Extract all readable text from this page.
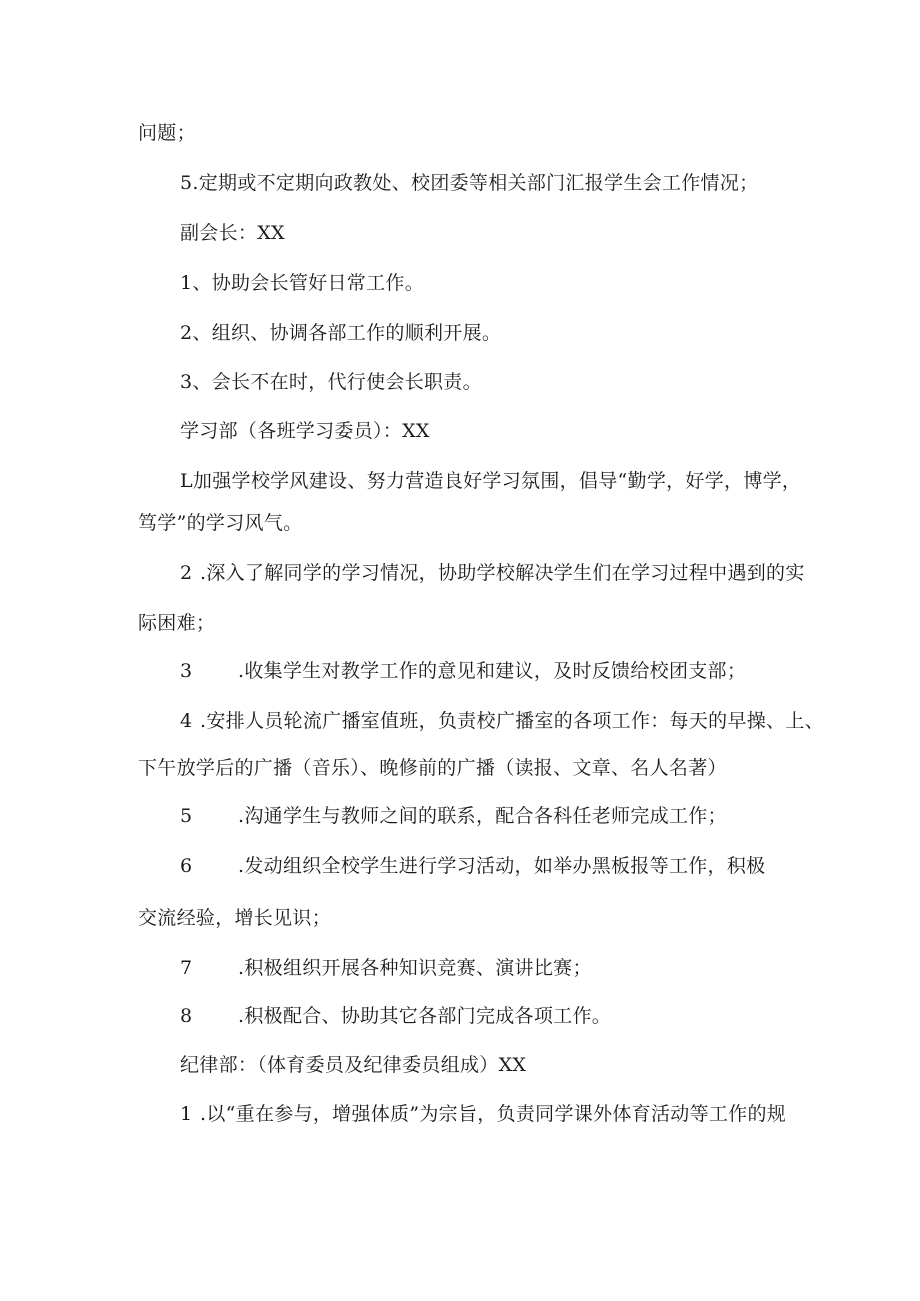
问题；
5.定期或不定期向政教处、校团委等相关部门汇报学生会工作情况；
副会长：XX
1、协助会长管好日常工作。
2、组织、协调各部工作的顺利开展。
3、会长不在时，代行使会长职责。
学习部（各班学习委员）：XX
L加强学校学风建设、努力营造良好学习氛围，倡导“勤学，好学，博学，
笃学”的学习风气。
2 .深入了解同学的学习情况，协助学校解决学生们在学习过程中遇到的实
际困难；
3 .收集学生对教学工作的意见和建议，及时反馈给校团支部；
4 .安排人员轮流广播室值班，负责校广播室的各项工作：每天的早操、上、
下午放学后的广播（音乐）、晚修前的广播（读报、文章、名人名著）
5 .沟通学生与教师之间的联系，配合各科任老师完成工作；
6 .发动组织全校学生进行学习活动，如举办黑板报等工作，积极
交流经验，增长见识；
7 .积极组织开展各种知识竞赛、演讲比赛；
8 .积极配合、协助其它各部门完成各项工作。
纪律部：（体育委员及纪律委员组成）XX
1 .以“重在参与，增强体质”为宗旨，负责同学课外体育活动等工作的规
